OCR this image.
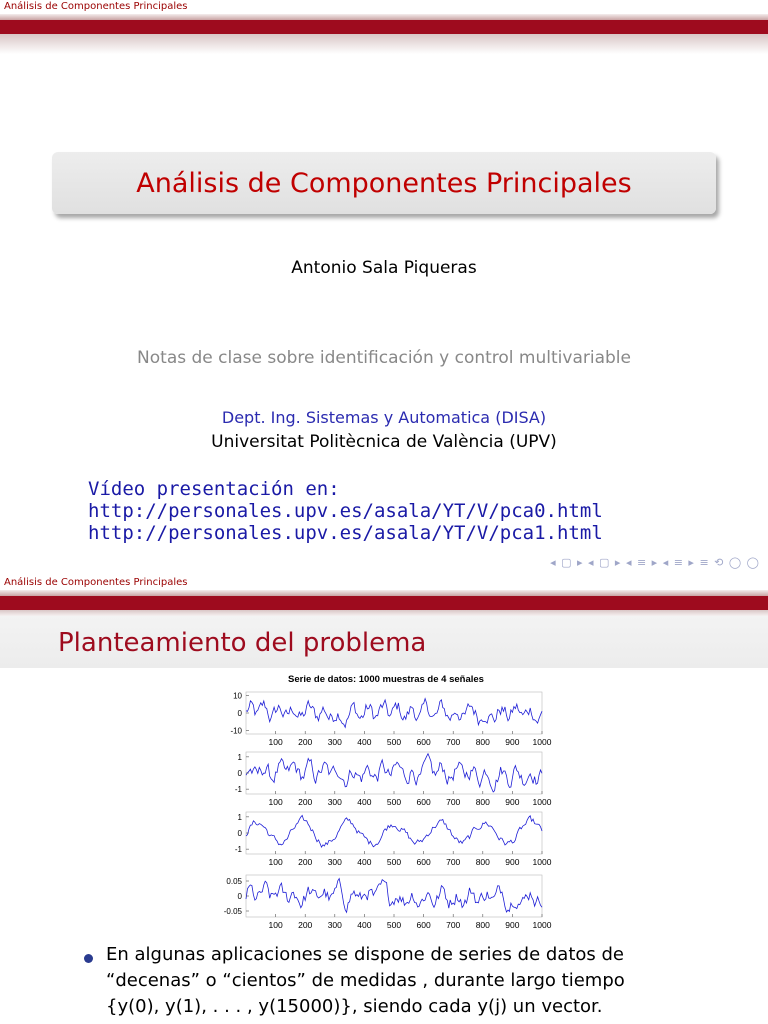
Análisis de Componentes Principales
Análisis de Componentes Principales
Antonio Sala Piqueras
Notas de clase sobre identificación y control multivariable
Dept. Ing. Sistemas y Automatica (DISA)
Universitat Politècnica de València (UPV)
Vídeo presentación en:
http://personales.upv.es/asala/YT/V/pca0.html
http://personales.upv.es/asala/YT/V/pca1.html
◂ ▢ ▸ ◂ ▢ ▸ ◂ ≡ ▸ ◂ ≡ ▸ ≡ ⟲ ◯ ◯
Análisis de Componentes Principales
Planteamiento del problema
Serie de datos: 1000 muestras de 4 señales
10
0
-10
100 200 300 400 500 600 700 800 900 1000
1
0
-1
100 200 300 400 500 600 700 800 900 1000
1
0
-1
100 200 300 400 500 600 700 800 900 1000
0.05
0
-0.05
100 200 300 400 500 600 700 800 900 1000
En algunas aplicaciones se dispone de series de datos de
“decenas” o “cientos” de medidas , durante largo tiempo
{y(0), y(1), . . . , y(15000)}, siendo cada y(j) un vector.
